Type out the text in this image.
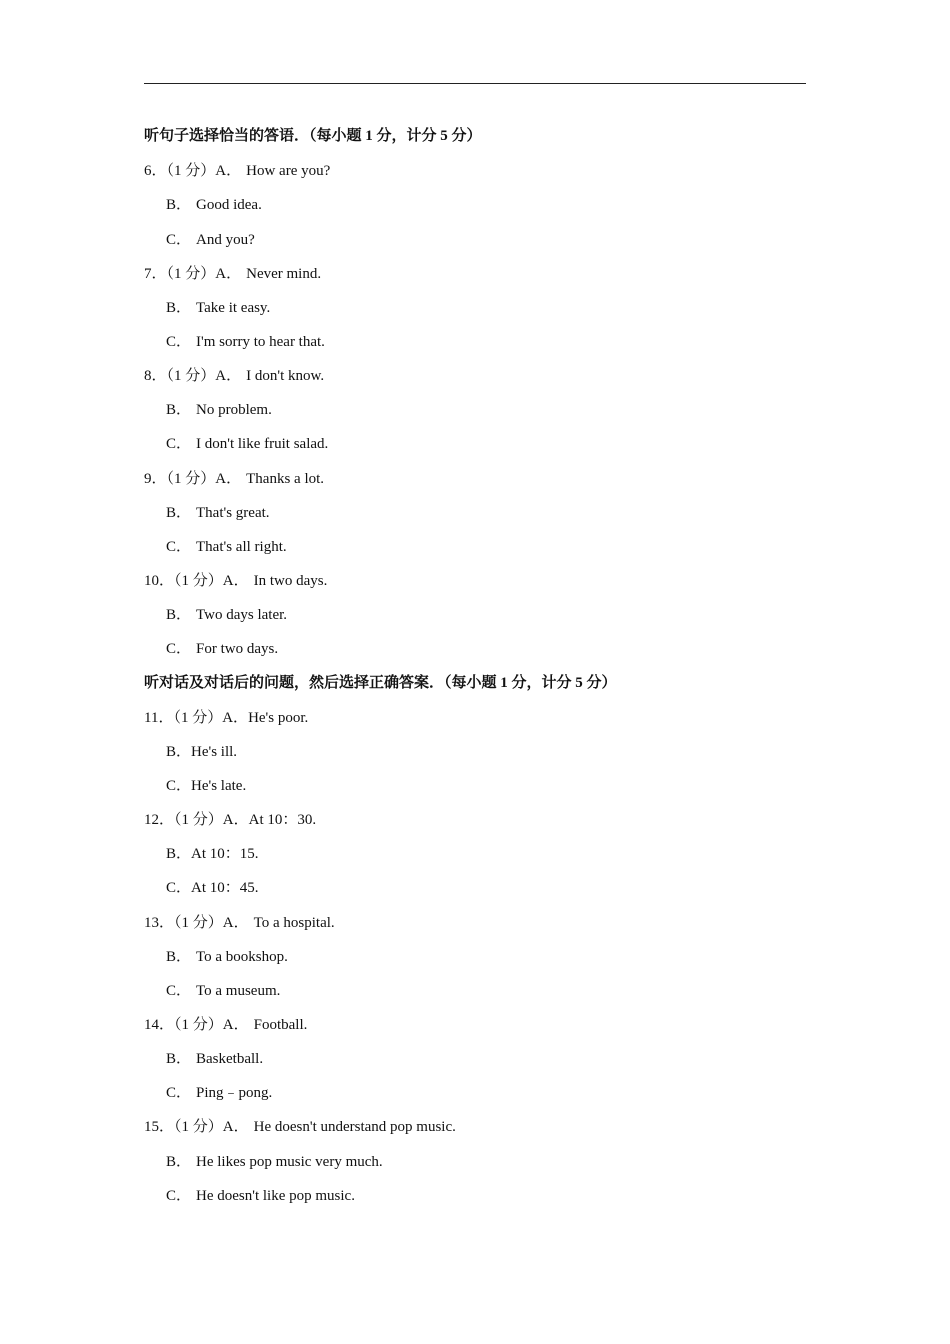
听句子选择恰当的答语．（每小题 1 分，计分 5 分）
6．（1 分）A． How are you?
B． Good idea.
C． And you?
7．（1 分）A． Never mind.
B． Take it easy.
C． I'm sorry to hear that.
8．（1 分）A． I don't know.
B． No problem.
C． I don't like fruit salad.
9．（1 分）A． Thanks a lot.
B． That's great.
C． That's all right.
10．（1 分）A． In two days.
B． Two days later.
C． For two days.
听对话及对话后的问题，然后选择正确答案．（每小题 1 分，计分 5 分）
11．（1 分）A．He's poor.
B．He's ill.
C．He's late.
12．（1 分）A．At 10：30.
B．At 10：15.
C．At 10：45.
13．（1 分）A． To a hospital.
B． To a bookshop.
C． To a museum.
14．（1 分）A． Football.
B． Basketball.
C． Ping﹣pong.
15．（1 分）A． He doesn't understand pop music.
B． He likes pop music very much.
C． He doesn't like pop music.
